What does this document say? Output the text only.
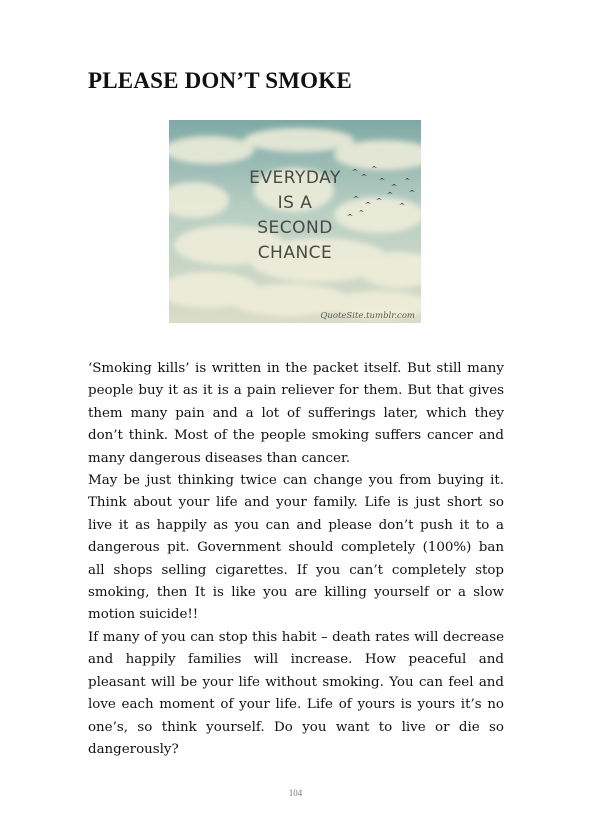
PLEASE DON’T SMOKE
EVERYDAY
IS A
SECOND
CHANCE
QuoteSite.tumblr.com

‘Smoking kills’ is written in the packet itself. But still many people buy it as it is a pain reliever for them. But that gives them many pain and a lot of sufferings later, which they don’t think. Most of the people smoking suffers cancer and many dangerous diseases than cancer.

May be just thinking twice can change you from buying it. Think about your life and your family. Life is just short so live it as happily as you can and please don’t push it to a dangerous pit. Government should completely (100%) ban all shops selling cigarettes. If you can’t completely stop smoking, then It is like you are killing yourself or a slow motion suicide!!

If many of you can stop this habit – death rates will decrease and happily families will increase. How peaceful and pleasant will be your life without smoking. You can feel and love each moment of your life. Life of yours is yours it’s no one’s, so think yourself. Do you want to live or die so dangerously?

104
